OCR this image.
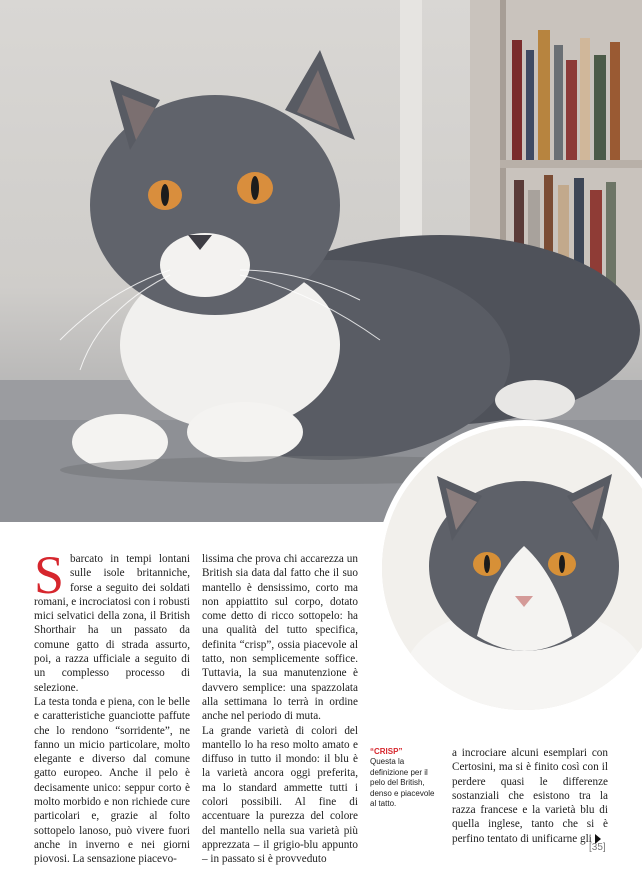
Sbarcato in tempi lontani sulle isole britanniche, forse a seguito dei soldati romani, e incrociatosi con i robusti mici selvatici della zona, il British Shorthair ha un passato da comune gatto di strada assurto, poi, a razza ufficiale a seguito di un complesso processo di selezione.

La testa tonda e piena, con le belle e caratteristiche guanciotte paffute che lo rendono “sorridente”, ne fanno un micio particolare, molto elegante e diverso dal comune gatto europeo. Anche il pelo è decisamente unico: seppur corto è molto morbido e non richiede cure particolari e, grazie al folto sottopelo lanoso, può vivere fuori anche in inverno e nei giorni piovosi. La sensazione piacevo-

lissima che prova chi accarezza un British sia data dal fatto che il suo mantello è densissimo, corto ma non appiattito sul corpo, dotato come detto di ricco sottopelo: ha una qualità del tutto specifica, definita “crisp”, ossia piacevole al tatto, non semplicemente soffice. Tuttavia, la sua manutenzione è davvero semplice: una spazzolata alla settimana lo terrà in ordine anche nel periodo di muta.

La grande varietà di colori del mantello lo ha reso molto amato e diffuso in tutto il mondo: il blu è la varietà ancora oggi preferita, ma lo standard ammette tutti i colori possibili. Al fine di accentuare la purezza del colore del mantello nella sua varietà più apprezzata – il grigio-blu appunto – in passato si è provveduto

“CRISP”
Questa la definizione per il pelo del British, denso e piacevole al tatto.

a incrociare alcuni esemplari con Certosini, ma si è finito così con il perdere quasi le differenze sostanziali che esistono tra la razza francese e la varietà blu di quella inglese, tanto che si è perfino tentato di unificarne gli

[35]
